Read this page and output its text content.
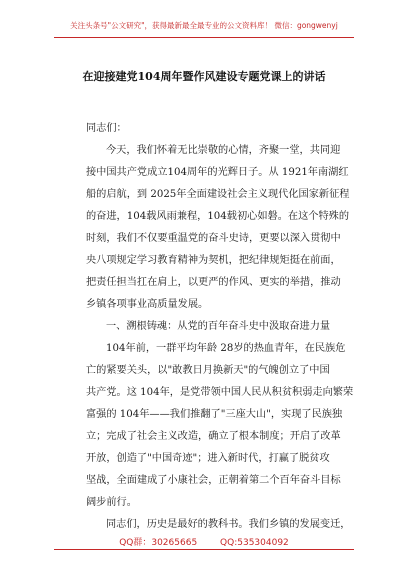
关注头条号"公文研究"，获得最新最全最专业的公文资料库！ 微信：gongwenyj
在迎接建党104周年暨作风建设专题党课上的讲话
同志们：
今天，我们怀着无比崇敬的心情，齐聚一堂，共同迎
接中国共产党成立104周年的光辉日子。从 1921年南湖红
船的启航，到 2025年全面建设社会主义现代化国家新征程
的奋进，104载风雨兼程，104载初心如磐。在这个特殊的
时刻，我们不仅要重温党的奋斗史诗，更要以深入贯彻中
央八项规定学习教育精神为契机，把纪律规矩挺在前面，
把责任担当扛在肩上，以更严的作风、更实的举措，推动
乡镇各项事业高质量发展。
一、溯根铸魂：从党的百年奋斗史中汲取奋进力量
104年前，一群平均年龄 28岁的热血青年，在民族危
亡的紧要关头，以"敢教日月换新天"的气魄创立了中国
共产党。这 104年，是党带领中国人民从积贫积弱走向繁荣
富强的 104年——我们推翻了"三座大山"，实现了民族独
立；完成了社会主义改造，确立了根本制度；开启了改革
开放，创造了"中国奇迹"；进入新时代，打赢了脱贫攻
坚战，全面建成了小康社会，正朝着第二个百年奋斗目标
阔步前行。
同志们，历史是最好的教科书。我们乡镇的发展变迁，
QQ群：30265665	QQ:535304092
